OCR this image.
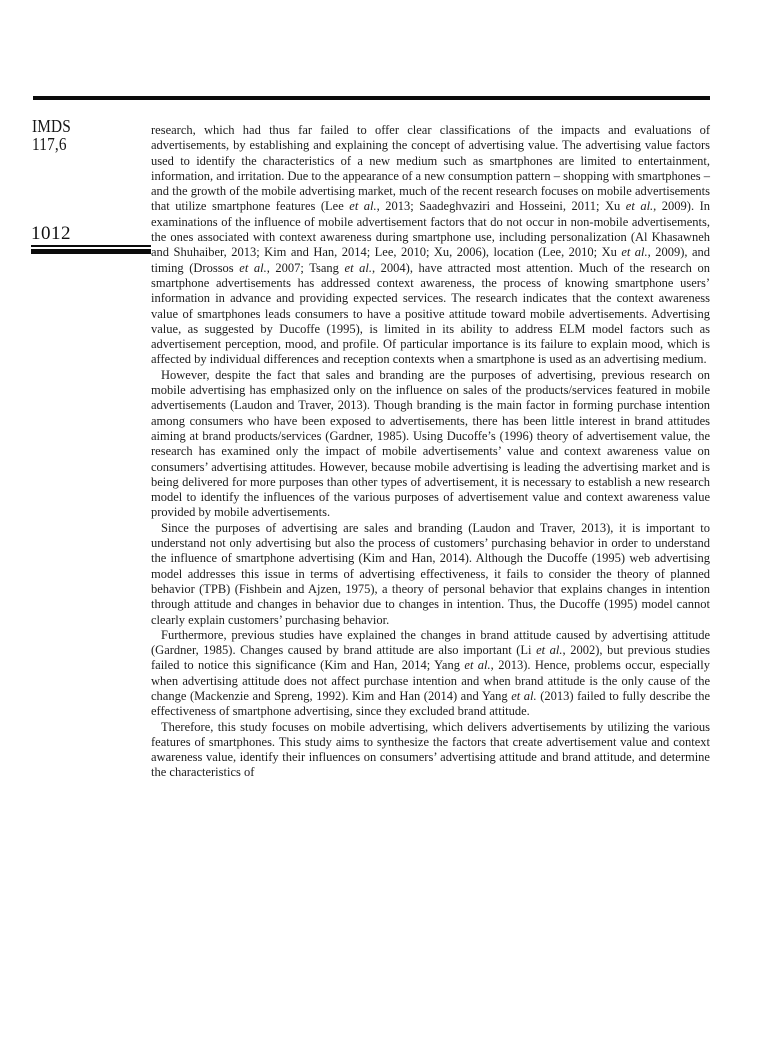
IMDS
117,6
1012

research, which had thus far failed to offer clear classifications of the impacts and evaluations of advertisements, by establishing and explaining the concept of advertising value. The advertising value factors used to identify the characteristics of a new medium such as smartphones are limited to entertainment, information, and irritation. Due to the appearance of a new consumption pattern – shopping with smartphones – and the growth of the mobile advertising market, much of the recent research focuses on mobile advertisements that utilize smartphone features (Lee et al., 2013; Saadeghvaziri and Hosseini, 2011; Xu et al., 2009). In examinations of the influence of mobile advertisement factors that do not occur in non-mobile advertisements, the ones associated with context awareness during smartphone use, including personalization (Al Khasawneh and Shuhaiber, 2013; Kim and Han, 2014; Lee, 2010; Xu, 2006), location (Lee, 2010; Xu et al., 2009), and timing (Drossos et al., 2007; Tsang et al., 2004), have attracted most attention. Much of the research on smartphone advertisements has addressed context awareness, the process of knowing smartphone users’ information in advance and providing expected services. The research indicates that the context awareness value of smartphones leads consumers to have a positive attitude toward mobile advertisements. Advertising value, as suggested by Ducoffe (1995), is limited in its ability to address ELM model factors such as advertisement perception, mood, and profile. Of particular importance is its failure to explain mood, which is affected by individual differences and reception contexts when a smartphone is used as an advertising medium.

However, despite the fact that sales and branding are the purposes of advertising, previous research on mobile advertising has emphasized only on the influence on sales of the products/services featured in mobile advertisements (Laudon and Traver, 2013). Though branding is the main factor in forming purchase intention among consumers who have been exposed to advertisements, there has been little interest in brand attitudes aiming at brand products/services (Gardner, 1985). Using Ducoffe’s (1996) theory of advertisement value, the research has examined only the impact of mobile advertisements’ value and context awareness value on consumers’ advertising attitudes. However, because mobile advertising is leading the advertising market and is being delivered for more purposes than other types of advertisement, it is necessary to establish a new research model to identify the influences of the various purposes of advertisement value and context awareness value provided by mobile advertisements.

Since the purposes of advertising are sales and branding (Laudon and Traver, 2013), it is important to understand not only advertising but also the process of customers’ purchasing behavior in order to understand the influence of smartphone advertising (Kim and Han, 2014). Although the Ducoffe (1995) web advertising model addresses this issue in terms of advertising effectiveness, it fails to consider the theory of planned behavior (TPB) (Fishbein and Ajzen, 1975), a theory of personal behavior that explains changes in intention through attitude and changes in behavior due to changes in intention. Thus, the Ducoffe (1995) model cannot clearly explain customers’ purchasing behavior.

Furthermore, previous studies have explained the changes in brand attitude caused by advertising attitude (Gardner, 1985). Changes caused by brand attitude are also important (Li et al., 2002), but previous studies failed to notice this significance (Kim and Han, 2014; Yang et al., 2013). Hence, problems occur, especially when advertising attitude does not affect purchase intention and when brand attitude is the only cause of the change (Mackenzie and Spreng, 1992). Kim and Han (2014) and Yang et al. (2013) failed to fully describe the effectiveness of smartphone advertising, since they excluded brand attitude.

Therefore, this study focuses on mobile advertising, which delivers advertisements by utilizing the various features of smartphones. This study aims to synthesize the factors that create advertisement value and context awareness value, identify their influences on consumers’ advertising attitude and brand attitude, and determine the characteristics of
